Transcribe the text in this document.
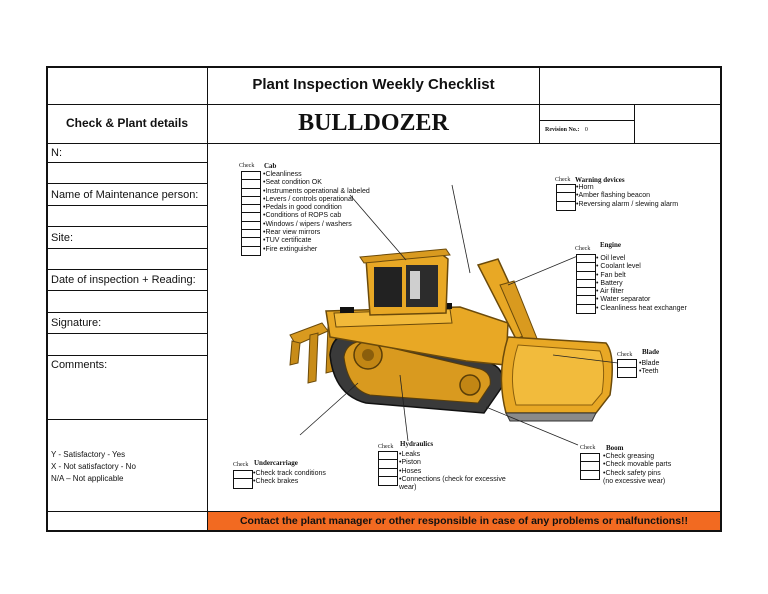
Plant Inspection Weekly Checklist
Check & Plant details	BULLDOZER	Revision No.: 0
N:
Name of Maintenance person:
Site:
Date of inspection + Reading:
Signature:
Comments:
Y - Satisfactory - Yes
X - Not satisfactory - No
N/A – Not applicable
Check Cab
•Cleanliness
•Seat condition OK
•Instruments operational & labeled
•Levers / controls operational
•Pedals in good condition
•Conditions of ROPS cab
•Windows / wipers / washers
•Rear view mirrors
•TUV certificate
•Fire extinguisher
Check Warning devices
•Horn
•Amber flashing beacon
•Reversing alarm / slewing alarm
Check Engine
• Oil level
• Coolant level
• Fan belt
• Battery
• Air filter
• Water separator
• Cleanliness heat exchanger
Check Blade
•Blade
•Teeth
Check Undercarriage
•Check track conditions
•Check brakes
Check Hydraulics
•Leaks
•Piston
•Hoses
•Connections (check for excessive
wear)
Check Boom
•Check greasing
•Check movable parts
•Check safety pins
(no excessive wear)
Contact the plant manager or other responsible in case of any problems or malfunctions!!
